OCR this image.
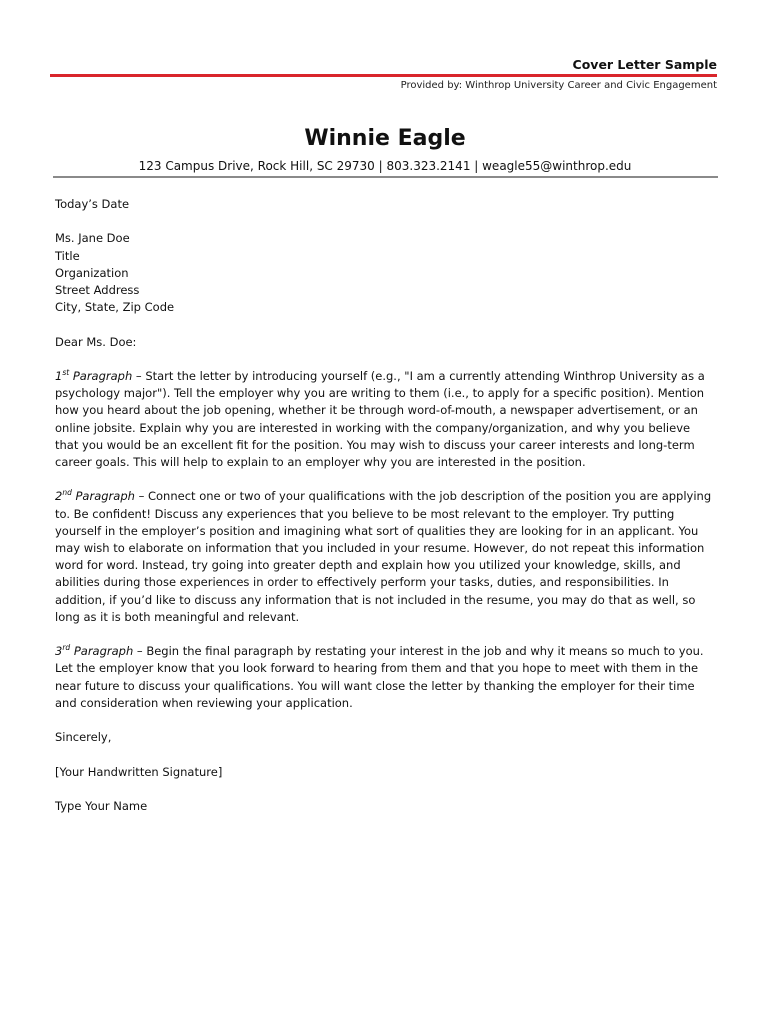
Cover Letter Sample
Provided by: Winthrop University Career and Civic Engagement
Winnie Eagle
123 Campus Drive, Rock Hill, SC 29730 | 803.323.2141 | weagle55@winthrop.edu

Today’s Date

Ms. Jane Doe
Title
Organization
Street Address
City, State, Zip Code

Dear Ms. Doe:

1st Paragraph – Start the letter by introducing yourself (e.g., "I am a currently attending Winthrop University as a psychology major"). Tell the employer why you are writing to them (i.e., to apply for a specific position). Mention how you heard about the job opening, whether it be through word-of-mouth, a newspaper advertisement, or an online jobsite. Explain why you are interested in working with the company/organization, and why you believe that you would be an excellent fit for the position. You may wish to discuss your career interests and long-term career goals. This will help to explain to an employer why you are interested in the position.

2nd Paragraph – Connect one or two of your qualifications with the job description of the position you are applying to. Be confident! Discuss any experiences that you believe to be most relevant to the employer. Try putting yourself in the employer’s position and imagining what sort of qualities they are looking for in an applicant. You may wish to elaborate on information that you included in your resume. However, do not repeat this information word for word. Instead, try going into greater depth and explain how you utilized your knowledge, skills, and abilities during those experiences in order to effectively perform your tasks, duties, and responsibilities. In addition, if you’d like to discuss any information that is not included in the resume, you may do that as well, so long as it is both meaningful and relevant.

3rd Paragraph – Begin the final paragraph by restating your interest in the job and why it means so much to you. Let the employer know that you look forward to hearing from them and that you hope to meet with them in the near future to discuss your qualifications. You will want close the letter by thanking the employer for their time and consideration when reviewing your application.

Sincerely,

[Your Handwritten Signature]

Type Your Name
